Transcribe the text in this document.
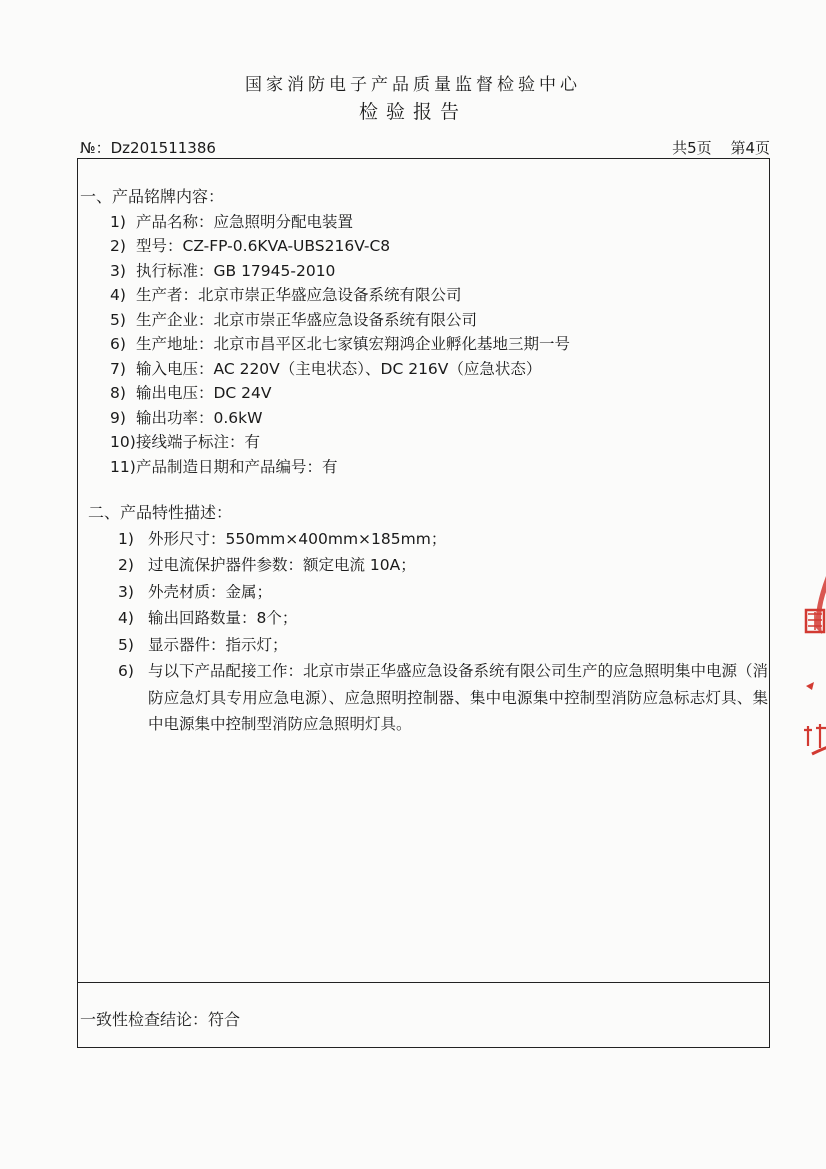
国家消防电子产品质量监督检验中心
检验报告
№：Dz201511386	共5页 第4页
一、产品铭牌内容：
1) 产品名称：应急照明分配电装置
2) 型号：CZ-FP-0.6KVA-UBS216V-C8
3) 执行标准：GB 17945-2010
4) 生产者：北京市崇正华盛应急设备系统有限公司
5) 生产企业：北京市崇正华盛应急设备系统有限公司
6) 生产地址：北京市昌平区北七家镇宏翔鸿企业孵化基地三期一号
7) 输入电压：AC 220V（主电状态）、DC 216V（应急状态）
8) 输出电压：DC 24V
9) 输出功率：0.6kW
10)接线端子标注：有
11)产品制造日期和产品编号：有
二、产品特性描述：
1) 外形尺寸：550mm×400mm×185mm；
2) 过电流保护器件参数：额定电流 10A；
3) 外壳材质：金属；
4) 输出回路数量：8个；
5) 显示器件：指示灯；
6) 与以下产品配接工作：北京市崇正华盛应急设备系统有限公司生产的应急照明集中电源（消防应急灯具专用应急电源）、应急照明控制器、集中电源集中控制型消防应急标志灯具、集中电源集中控制型消防应急照明灯具。
一致性检查结论：符合
